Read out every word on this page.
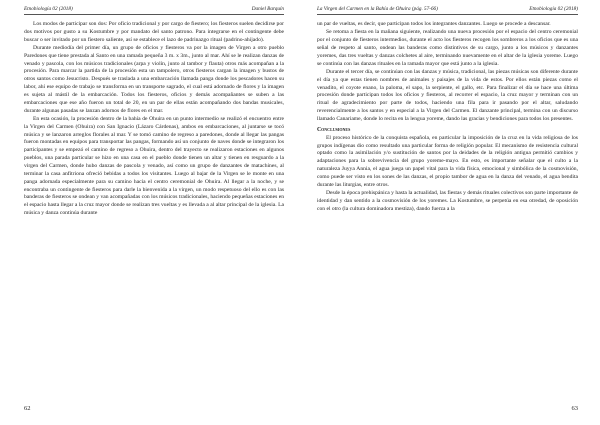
Etnobiología 02 (2018)	Daniel Barquín

Los modos de participar son dos: Por oficio tradicional y por cargo de fiestero; los fiesteros suelen decidirse por dos motivos por gusto a su Kostumbre y por mandato del santo patrono. Para integrarse en el contingente debe buscar o ser invitado por un fiestero saliente, así se establece el lazo de padrinazgo ritual (padrino-ahijado).

Durante mediodía del primer día, un grupo de oficios y fiesteros va por la imagen de Virgen a otro pueblo Paredones que tiene prestada al Santo en una ramada pequeña 3 m. x 3m., junto al mar. Ahí se le realizan danzas de venado y pascola, con los músicos tradicionales (arpa y violín, junto al tambor y flauta) otros más acompañan a la procesión. Para marcar la partida de la procesión esta un tampolero, otros fiesteros cargan la imagen y bustos de otros santos como Jesucristo. Después se traslada a una embarcación llamada panga donde los pescadores hacen su labor, ahí ese equipo de trabajo se transforma en un transporte sagrado, el cual está adornado de flores y la imagen es sujeta al mástil de la embarcación. Todos los fiesteros, oficios y demás acompañantes se suben a las embarcaciones que ese año fueron un total de 20, en un par de ellas están acompañando dos bandas musicales, durante algunas pasadas se lanzan adornos de flores en el mar.

En esta ocasión, la procesión dentro de la bahía de Ohuira en un punto intermedio se realizó el encuentro entre la Virgen del Carmen (Ohuira) con San Ignacio (Lázaro Cárdenas), ambos en embarcaciones, al juntarse se tocó música y se lanzaron arreglos florales al mar. Y se tomó camino de regreso a paredones, donde al llegar las pangas fueron montadas en equipos para transportar las pangas, formando así un conjunto de naves donde se integraron los participantes y se empezó el camino de regreso a Ohuira, dentro del trayecto se realizaron estaciones en algunos pueblos, una parada particular se hizo en una casa en el pueblo donde tienen un altar y tienen en resguardo a la virgen del Carmen, donde hubo danzas de pascola y venado, así como un grupo de danzantes de matachines, al terminar la casa anfitriona ofreció bebidas a todos los visitantes. Luego al bajar de la Virgen se le monte en una panga adornada especialmente para su camino hacia el centro ceremonial de Ohuira. Al llegar a la noche, y se encontraba un contingente de fiesteros para darle la bienvenida a la virgen, un modo respetuoso del ello es con las banderas de fiesteros se ondean y van acompañadas con los músicos tradicionales, haciendo pequeñas estaciones en el espacio hasta llegar a la cruz mayor donde se realizan tres vueltas y es llevada a al altar principal de la iglesia. La música y danza continúa durante

62
La Virgen del Carmen en la Bahía de Ohuira (pág. 57-66)	Etnobiología 02 (2018)

un par de vueltas, es decir, que participan todos los integrantes danzantes. Luego se procede a descansar.

Se retoma a fiesta en la mañana siguiente, realizando una nueva procesión por el espacio del centro ceremonial por el conjunto de fiesteros intermedios, durante el acto los fiesteros recogen los sombreros a los oficios que es una señal de respeto al santo, ondean las banderas como distintivos de su cargo, junto a los músicos y danzantes yoremes, das tres vueltas y danzas colchetes al aire, terminando nuevamente en el altar de la iglesia yoreme. Luego se continúa con las danzas rituales en la ramada mayor que está junto a la iglesia.

Durante el tercer día, se continúan con las danzas y música, tradicional, las piezas músicas son diferente durante el día ya que estas tienen nombres de animales y paisajes de la vida de estos. Por ellos están piezas como el venadito, el coyote enano, la paloma, el sapo, la serpiente, el gallo, etc. Para finalizar el día se hace una última procesión donde participan todos los oficios y fiesteros, al recorrer el espacio, la cruz mayor y terminan con un ritual de agradecimiento por parte de todos, haciendo una fila para ir pasando por el altar, saludando reverencialmente a los santos y en especial a la Virgen del Carmen. El danzante principal, termina con un discurso llamado Canariame, donde lo recita en la lengua yoreme, dando las gracias y bendiciones para todos los presentes.

Conclusiones

El proceso histórico de la conquista española, en particular la imposición de la cruz en la vida religiosa de los grupos indígenas dio como resultado una particular forma de religión popular. El mecanismo de resistencia cultural optado como la asimilación y/o sustitución de santos por la deidades de la religión antigua permitió cambios y adaptaciones para la sobrevivencia del grupo yoreme-mayo. En esto, es importante señalar que el culto a la naturaleza Juyya Annia, el agua juega un papel vital para la vida física, emocional y simbólica de la cosmovisión, como puede ser visto en los sones de las danzas, el propio tambor de agua en la danza del venado, el agua bendita durante las liturgias, entre otros.

Desde la época prehispánica y hasta la actualidad, las fiestas y demás rituales colectivos son parte importante de identidad y dan sentido a la cosmovisión de los yoremes. La Kostumbre, se perpetúa en esa otredad, de oposición con el otro (la cultura dominadora mestiza), dando fuerza a la

63
